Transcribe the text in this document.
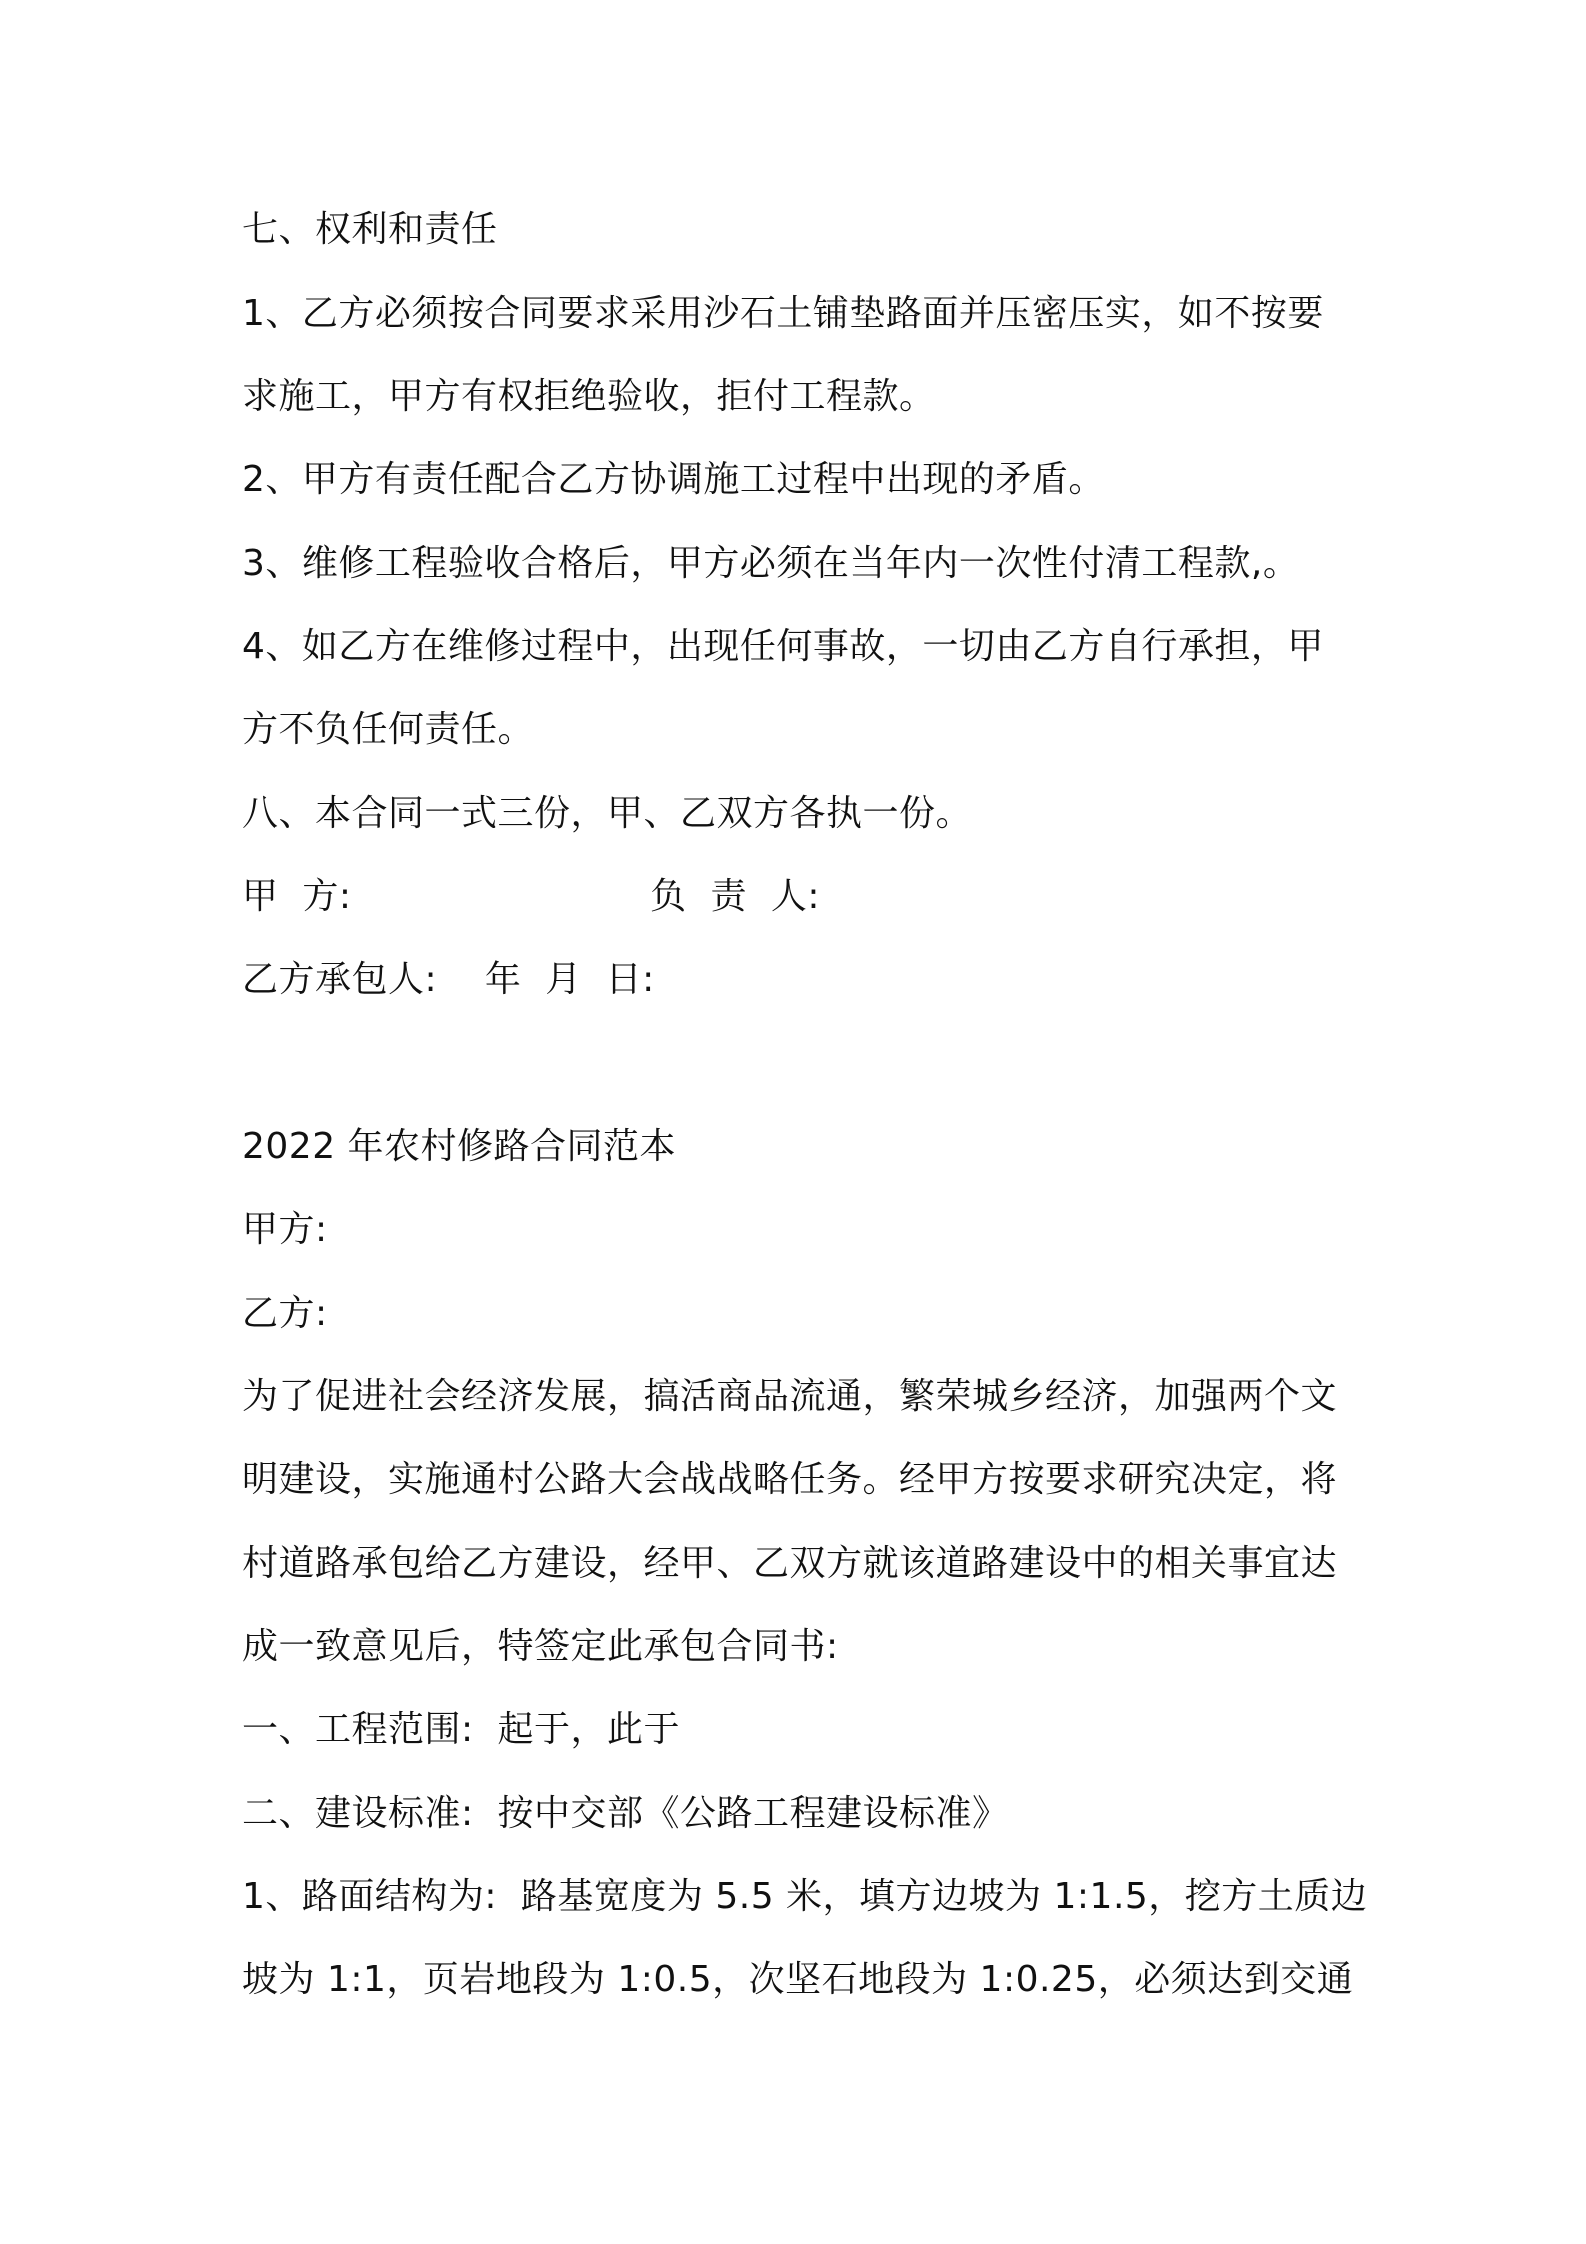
七、权利和责任
1、乙方必须按合同要求采用沙石土铺垫路面并压密压实，如不按要
求施工，甲方有权拒绝验收，拒付工程款。
2、甲方有责任配合乙方协调施工过程中出现的矛盾。
3、维修工程验收合格后，甲方必须在当年内一次性付清工程款,。
4、如乙方在维修过程中，出现任何事故，一切由乙方自行承担，甲
方不负任何责任。
八、本合同一式三份，甲、乙双方各执一份。
甲  方:                         负  责  人:
乙方承包人:    年  月  日:
2022 年农村修路合同范本
甲方:
乙方:
为了促进社会经济发展，搞活商品流通，繁荣城乡经济，加强两个文
明建设，实施通村公路大会战战略任务。经甲方按要求研究决定，将
村道路承包给乙方建设，经甲、乙双方就该道路建设中的相关事宜达
成一致意见后，特签定此承包合同书:
一、工程范围:  起于，此于
二、建设标准:  按中交部《公路工程建设标准》
1、路面结构为:  路基宽度为 5.5 米，填方边坡为 1:1.5，挖方土质边
坡为 1:1，页岩地段为 1:0.5，次坚石地段为 1:0.25，必须达到交通
